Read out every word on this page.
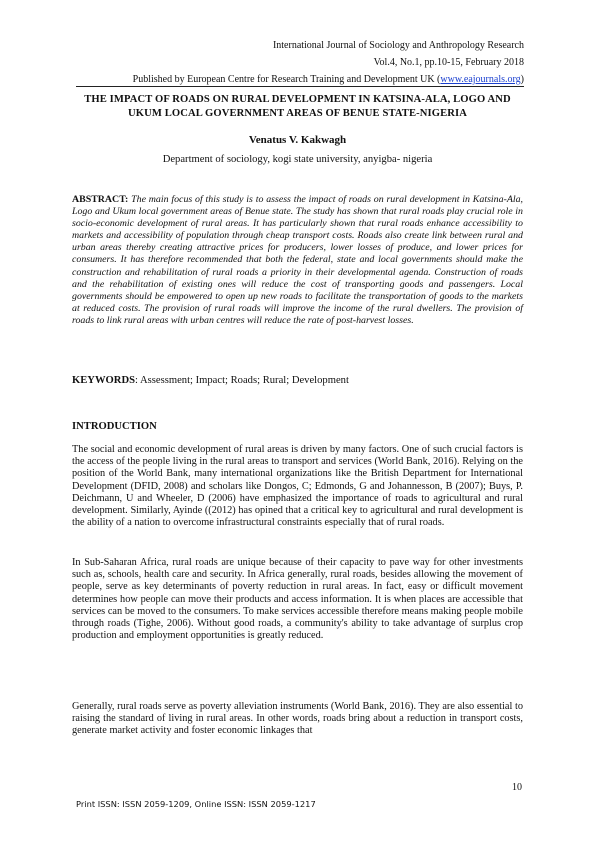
International Journal of Sociology and Anthropology Research
Vol.4, No.1, pp.10-15, February 2018
Published by European Centre for Research Training and Development UK (www.eajournals.org)
THE IMPACT OF ROADS ON RURAL DEVELOPMENT IN KATSINA-ALA, LOGO AND UKUM LOCAL GOVERNMENT AREAS OF BENUE STATE-NIGERIA
Venatus V. Kakwagh
Department of sociology, kogi state university, anyigba- nigeria
ABSTRACT: The main focus of this study is to assess the impact of roads on rural development in Katsina-Ala, Logo and Ukum local government areas of Benue state. The study has shown that rural roads play crucial role in socio-economic development of rural areas. It has particularly shown that rural roads enhance accessibility to markets and accessibility of population through cheap transport costs. Roads also create link between rural and urban areas thereby creating attractive prices for producers, lower losses of produce, and lower prices for consumers. It has therefore recommended that both the federal, state and local governments should make the construction and rehabilitation of rural roads a priority in their developmental agenda. Construction of roads and the rehabilitation of existing ones will reduce the cost of transporting goods and passengers. Local governments should be empowered to open up new roads to facilitate the transportation of goods to the markets at reduced costs. The provision of rural roads will improve the income of the rural dwellers. The provision of roads to link rural areas with urban centres will reduce the rate of post-harvest losses.
KEYWORDS: Assessment; Impact; Roads; Rural; Development
INTRODUCTION
The social and economic development of rural areas is driven by many factors. One of such crucial factors is the access of the people living in the rural areas to transport and services (World Bank, 2016). Relying on the position of the World Bank, many international organizations like the British Department for International Development (DFID, 2008) and scholars like Dongos, C; Edmonds, G and Johannesson, B (2007); Buys, P. Deichmann, U and Wheeler, D (2006) have emphasized the importance of roads to agricultural and rural development. Similarly, Ayinde ((2012) has opined that a critical key to agricultural and rural development is the ability of a nation to overcome infrastructural constraints especially that of rural roads.
In Sub-Saharan Africa, rural roads are unique because of their capacity to pave way for other investments such as, schools, health care and security. In Africa generally, rural roads, besides allowing the movement of people, serve as key determinants of poverty reduction in rural areas. In fact, easy or difficult movement determines how people can move their products and access information. It is when places are accessible that services can be moved to the consumers. To make services accessible therefore means making people mobile through roads (Tighe, 2006). Without good roads, a community's ability to take advantage of surplus crop production and employment opportunities is greatly reduced.
Generally, rural roads serve as poverty alleviation instruments (World Bank, 2016). They are also essential to raising the standard of living in rural areas. In other words, roads bring about a reduction in transport costs, generate market activity and foster economic linkages that
10
Print ISSN: ISSN 2059-1209, Online ISSN: ISSN 2059-1217
